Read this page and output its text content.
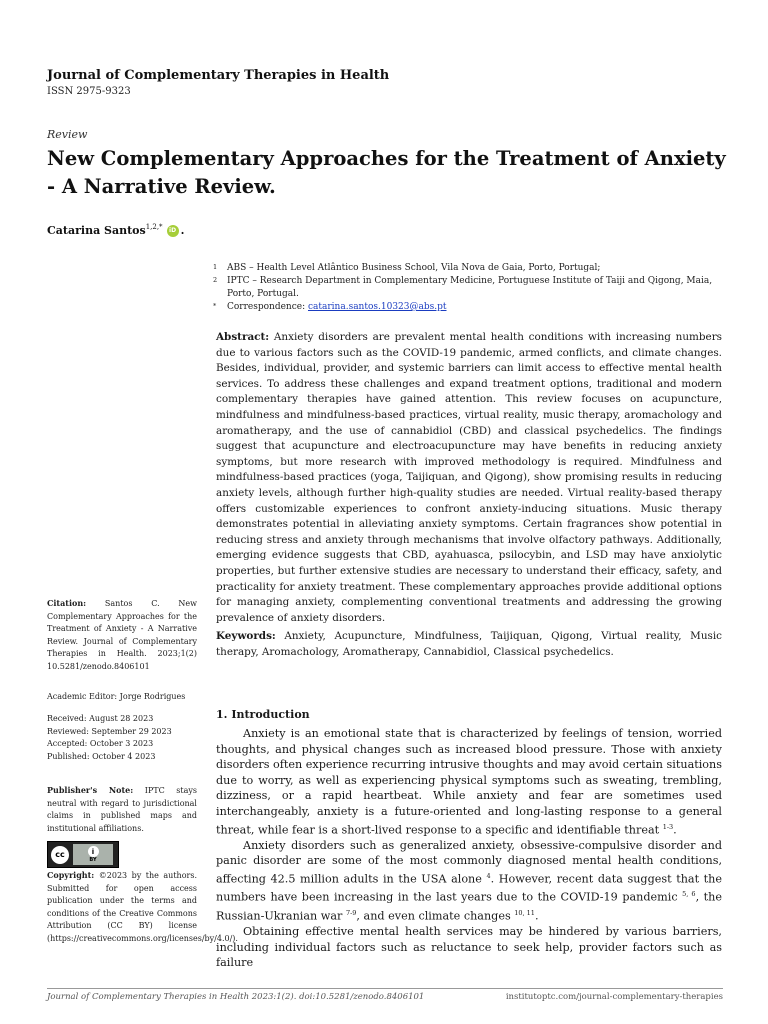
Journal of Complementary Therapies in Health
ISSN 2975-9323
Review
New Complementary Approaches for the Treatment of Anxiety - A Narrative Review.
Catarina Santos$^{1,2,*}$	iD .
1	ABS – Health Level Atlântico Business School, Vila Nova de Gaia, Porto, Portugal;
2	IPTC – Research Department in Complementary Medicine, Portuguese Institute of Taiji and Qigong, Maia, Porto, Portugal.
*	Correspondence: catarina.santos.10323@abs.pt
Abstract: Anxiety disorders are prevalent mental health conditions with increasing numbers due to various factors such as the COVID-19 pandemic, armed conflicts, and climate changes. Besides, individual, provider, and systemic barriers can limit access to effective mental health services. To address these challenges and expand treatment options, traditional and modern complementary therapies have gained attention. This review focuses on acupuncture, mindfulness and mindfulness-based practices, virtual reality, music therapy, aromachology and aromatherapy, and the use of cannabidiol (CBD) and classical psychedelics. The findings suggest that acupuncture and electroacupuncture may have benefits in reducing anxiety symptoms, but more research with improved methodology is required. Mindfulness and mindfulness-based practices (yoga, Taijiquan, and Qigong), show promising results in reducing anxiety levels, although further high-quality studies are needed. Virtual reality-based therapy offers customizable experiences to confront anxiety-inducing situations. Music therapy demonstrates potential in alleviating anxiety symptoms. Certain fragrances show potential in reducing stress and anxiety through mechanisms that involve olfactory pathways. Additionally, emerging evidence suggests that CBD, ayahuasca, psilocybin, and LSD may have anxiolytic properties, but further extensive studies are necessary to understand their efficacy, safety, and practicality for anxiety treatment. These complementary approaches provide additional options for managing anxiety, complementing conventional treatments and addressing the growing prevalence of anxiety disorders.
Keywords: Anxiety, Acupuncture, Mindfulness, Taijiquan, Qigong, Virtual reality, Music therapy, Aromachology, Aromatherapy, Cannabidiol, Classical psychedelics.
1. Introduction

Anxiety is an emotional state that is characterized by feelings of tension, worried thoughts, and physical changes such as increased blood pressure. Those with anxiety disorders often experience recurring intrusive thoughts and may avoid certain situations due to worry, as well as experiencing physical symptoms such as sweating, trembling, dizziness, or a rapid heartbeat. While anxiety and fear are sometimes used interchangeably, anxiety is a future-oriented and long-lasting response to a general threat, while fear is a short-lived response to a specific and identifiable threat $^{1-3}$.

Anxiety disorders such as generalized anxiety, obsessive-compulsive disorder and panic disorder are some of the most commonly diagnosed mental health conditions, affecting 42.5 million adults in the USA alone $^4$. However, recent data suggest that the numbers have been increasing in the last years due to the COVID-19 pandemic $^{5, 6}$, the Russian-Ukranian war $^{7-9}$, and even climate changes $^{10, 11}$.

Obtaining effective mental health services may be hindered by various barriers, including individual factors such as reluctance to seek help, provider factors such as failure

Citation: Santos C. New Complementary Approaches for the Treatment of Anxiety - A Narrative Review. Journal of Complementary Therapies in Health. 2023;1(2) 10.5281/zenodo.8406101
Academic Editor: Jorge Rodrigues
Received: August 28 2023
Reviewed: September 29 2023
Accepted: October 3 2023
Published: October 4 2023
Publisher's Note: IPTC stays neutral with regard to jurisdictional claims in published maps and institutional affiliations.
cc	i
BY
Copyright: ©2023 by the authors. Submitted for open access publication under the terms and conditions of the Creative Commons Attribution (CC BY) license (https://creativecommons.org/licenses/by/4.0/).
Journal of Complementary Therapies in Health 2023:1(2). doi:10.5281/zenodo.8406101	institutoptc.com/journal-complementary-therapies
